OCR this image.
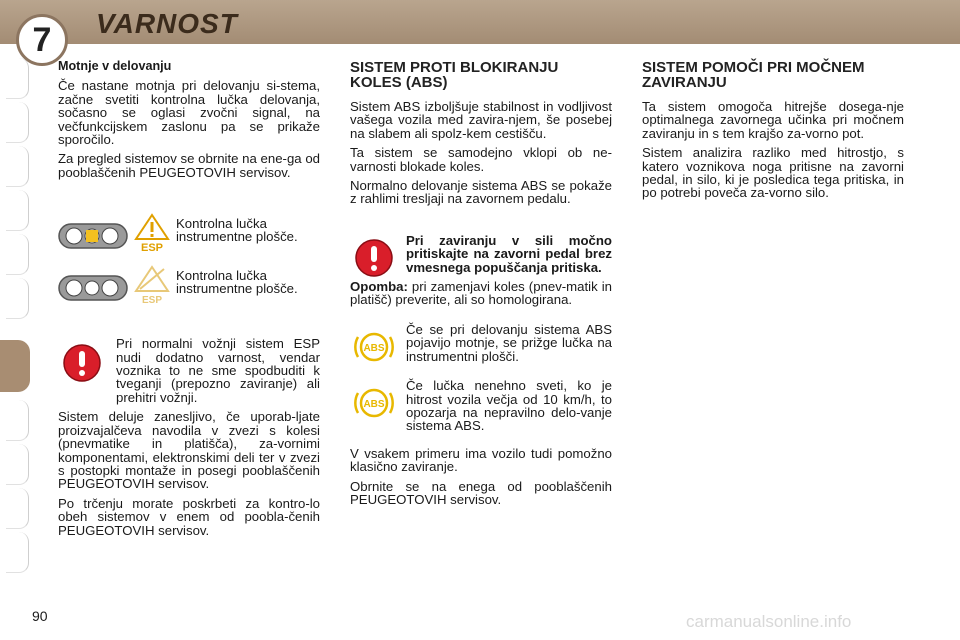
7	VARNOST
Motnje v delovanju

Če nastane motnja pri delovanju si-stema, začne svetiti kontrolna lučka delovanja, sočasno se oglasi zvočni signal, na večfunkcijskem zaslonu pa se prikaže sporočilo.

Za pregled sistemov se obrnite na ene-ga od pooblaščenih PEUGEOTOVIH servisov.

ESP
Kontrolna lučka instrumentne plošče.
ESP
Kontrolna lučka instrumentne plošče.

Pri normalni vožnji sistem ESP nudi dodatno varnost, vendar voznika to ne sme spodbuditi k tveganji (prepozno zaviranje) ali prehitri vožnji.

Sistem deluje zanesljivo, če uporab-ljate proizvajalčeva navodila v zvezi s kolesi (pnevmatike in platišča), za-vornimi komponentami, elektronskimi deli ter v zvezi s postopki montaže in posegi pooblaščenih PEUGEOTOVIH servisov.

Po trčenju morate poskrbeti za kontro-lo obeh sistemov v enem od poobla-čenih PEUGEOTOVIH servisov.

SISTEM PROTI BLOKIRANJU KOLES (ABS)

Sistem ABS izboljšuje stabilnost in vodljivost vašega vozila med zavira-njem, še posebej na slabem ali spolz-kem cestišču.

Ta sistem se samodejno vklopi ob ne-varnosti blokade koles.

Normalno delovanje sistema ABS se pokaže z rahlimi tresljaji na zavornem pedalu.

Pri zaviranju v sili močno pritiskajte na zavorni pedal brez vmesnega popuščanja pritiska.

Opomba: pri zamenjavi koles (pnev-matik in platišč) preverite, ali so homologirana.

ABS

Če se pri delovanju sistema ABS pojavijo motnje, se prižge lučka na instrumentni plošči.

ABS

Če lučka nenehno sveti, ko je hitrost vozila večja od 10 km/h, to opozarja na nepravilno delo-vanje sistema ABS.

V vsakem primeru ima vozilo tudi pomožno klasično zaviranje.

Obrnite se na enega od pooblaščenih PEUGEOTOVIH servisov.

SISTEM POMOČI PRI MOČNEM ZAVIRANJU

Ta sistem omogoča hitrejše dosega-nje optimalnega zavornega učinka pri močnem zaviranju in s tem krajšo za-vorno pot.

Sistem analizira razliko med hitrostjo, s katero voznikova noga pritisne na zavorni pedal, in silo, ki je posledica tega pritiska, in po potrebi poveča za-vorno silo.

90	carmanualsonline.info
